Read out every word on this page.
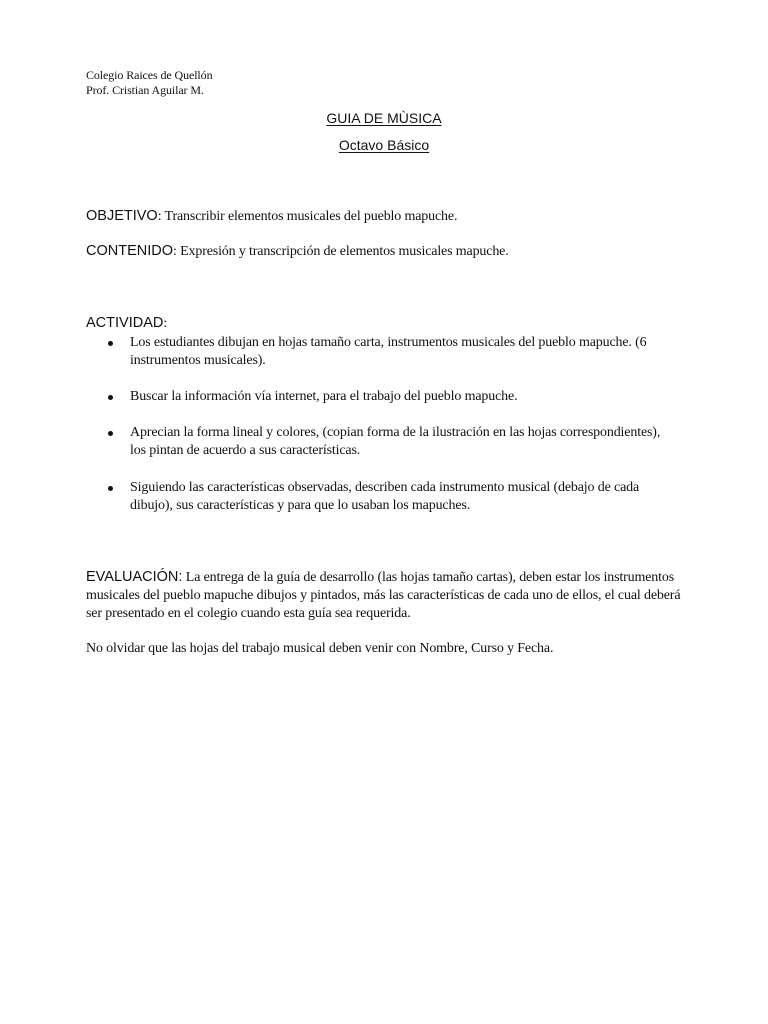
Colegio Raices de Quellón
Prof. Cristian Aguilar M.
GUIA DE MÙSICA
Octavo Básico
OBJETIVO: Transcribir elementos musicales del pueblo mapuche.
CONTENIDO: Expresión y transcripción de elementos musicales mapuche.
ACTIVIDAD:
Los estudiantes dibujan en hojas tamaño carta, instrumentos musicales del pueblo mapuche. (6 instrumentos musicales).
Buscar la información vía internet, para el trabajo del pueblo mapuche.
Aprecian la forma lineal y colores, (copian forma de la ilustración en las hojas correspondientes), los pintan de acuerdo a sus características.
Siguiendo las características observadas, describen cada instrumento musical (debajo de cada dibujo), sus características y para que lo usaban los mapuches.
EVALUACIÓN: La entrega de la guía de desarrollo (las hojas tamaño cartas), deben estar los instrumentos musicales del pueblo mapuche dibujos y pintados, más las características de cada uno de ellos, el cual deberá ser presentado en el colegio cuando esta guía sea requerida.
No olvidar que las hojas del trabajo musical deben venir con Nombre, Curso y Fecha.
